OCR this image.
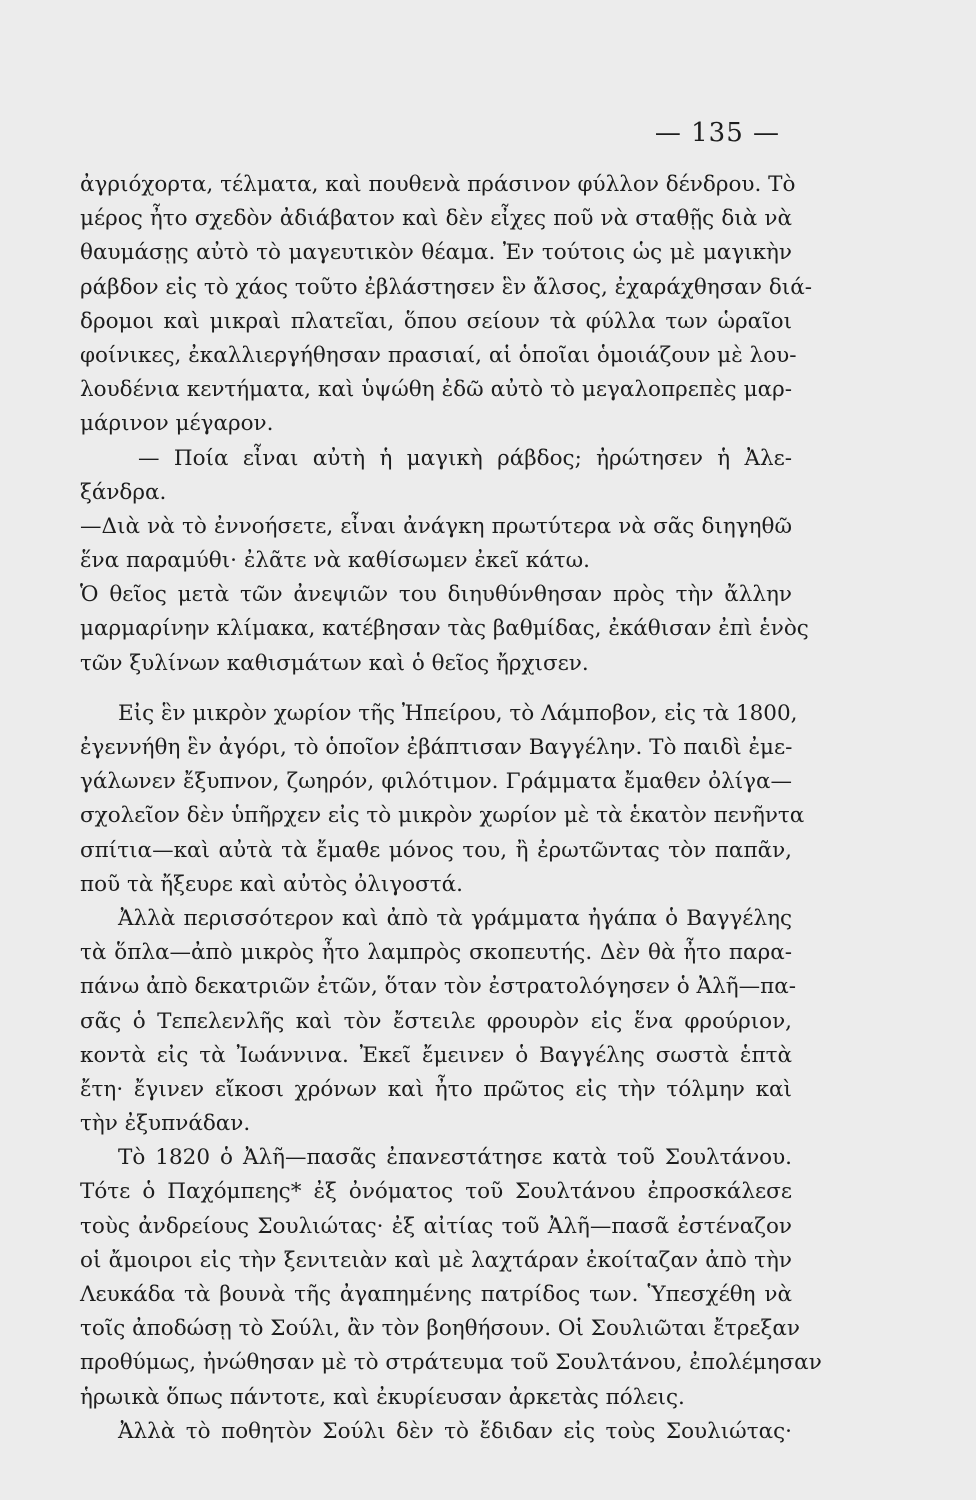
— 135 —
ἀγριόχορτα, τέλματα, καὶ πουθενὰ πράσινον φύλλον δένδρου. Τὸ
μέρος ἦτο σχεδὸν ἀδιάβατον καὶ δὲν εἶχες ποῦ νὰ σταθῇς διὰ νὰ
θαυμάσῃς αὐτὸ τὸ μαγευτικὸν θέαμα. Ἐν τούτοις ὡς μὲ μαγικὴν
ράβδον εἰς τὸ χάος τοῦτο ἐβλάστησεν ἓν ἄλσος, ἐχαράχθησαν διά-
δρομοι καὶ μικραὶ πλατεῖαι, ὅπου σείουν τὰ φύλλα των ὡραῖοι
φοίνικες, ἐκαλλιεργήθησαν πρασιαί, αἱ ὁποῖαι ὁμοιάζουν μὲ λου-
λουδένια κεντήματα, καὶ ὑψώθη ἐδῶ αὐτὸ τὸ μεγαλοπρεπὲς μαρ-
μάρινον μέγαρον.
— Ποία εἶναι αὐτὴ ἡ μαγικὴ ράβδος; ἠρώτησεν ἡ Ἀλε-
ξάνδρα.
—Διὰ νὰ τὸ ἐννοήσετε, εἶναι ἀνάγκη πρωτύτερα νὰ σᾶς διηγηθῶ
ἕνα παραμύθι· ἐλᾶτε νὰ καθίσωμεν ἐκεῖ κάτω.
Ὁ θεῖος μετὰ τῶν ἀνεψιῶν του διηυθύνθησαν πρὸς τὴν ἄλλην
μαρμαρίνην κλίμακα, κατέβησαν τὰς βαθμίδας, ἐκάθισαν ἐπὶ ἑνὸς
τῶν ξυλίνων καθισμάτων καὶ ὁ θεῖος ἤρχισεν.
Εἰς ἓν μικρὸν χωρίον τῆς Ἠπείρου, τὸ Λάμποβον, εἰς τὰ 1800,
ἐγεννήθη ἓν ἀγόρι, τὸ ὁποῖον ἐβάπτισαν Βαγγέλην. Τὸ παιδὶ ἐμε-
γάλωνεν ἔξυπνον, ζωηρόν, φιλότιμον. Γράμματα ἔμαθεν ὀλίγα—
σχολεῖον δὲν ὑπῆρχεν εἰς τὸ μικρὸν χωρίον μὲ τὰ ἑκατὸν πενῆντα
σπίτια—καὶ αὐτὰ τὰ ἔμαθε μόνος του, ἢ ἐρωτῶντας τὸν παπᾶν,
ποῦ τὰ ἤξευρε καὶ αὐτὸς ὀλιγοστά.
Ἀλλὰ περισσότερον καὶ ἀπὸ τὰ γράμματα ἠγάπα ὁ Βαγγέλης
τὰ ὅπλα—ἀπὸ μικρὸς ἦτο λαμπρὸς σκοπευτής. Δὲν θὰ ἦτο παρα-
πάνω ἀπὸ δεκατριῶν ἐτῶν, ὅταν τὸν ἐστρατολόγησεν ὁ Ἀλῆ—πα-
σᾶς ὁ Τεπελενλῆς καὶ τὸν ἔστειλε φρουρὸν εἰς ἕνα φρούριον,
κοντὰ εἰς τὰ Ἰωάννινα. Ἐκεῖ ἔμεινεν ὁ Βαγγέλης σωστὰ ἑπτὰ
ἔτη· ἔγινεν εἴκοσι χρόνων καὶ ἦτο πρῶτος εἰς τὴν τόλμην καὶ
τὴν ἐξυπνάδαν.
Τὸ 1820 ὁ Ἀλῆ—πασᾶς ἐπανεστάτησε κατὰ τοῦ Σουλτάνου.
Τότε ὁ Παχόμπεης* ἐξ ὀνόματος τοῦ Σουλτάνου ἐπροσκάλεσε
τοὺς ἀνδρείους Σουλιώτας· ἐξ αἰτίας τοῦ Ἀλῆ—πασᾶ ἐστέναζον
οἱ ἄμοιροι εἰς τὴν ξενιτειὰν καὶ μὲ λαχτάραν ἐκοίταζαν ἀπὸ τὴν
Λευκάδα τὰ βουνὰ τῆς ἀγαπημένης πατρίδος των. Ὑπεσχέθη νὰ
τοῖς ἀποδώσῃ τὸ Σούλι, ἂν τὸν βοηθήσουν. Οἱ Σουλιῶται ἔτρεξαν
προθύμως, ἠνώθησαν μὲ τὸ στράτευμα τοῦ Σουλτάνου, ἐπολέμησαν
ἡρωικὰ ὅπως πάντοτε, καὶ ἐκυρίευσαν ἀρκετὰς πόλεις.
Ἀλλὰ τὸ ποθητὸν Σούλι δὲν τὸ ἔδιδαν εἰς τοὺς Σουλιώτας·
